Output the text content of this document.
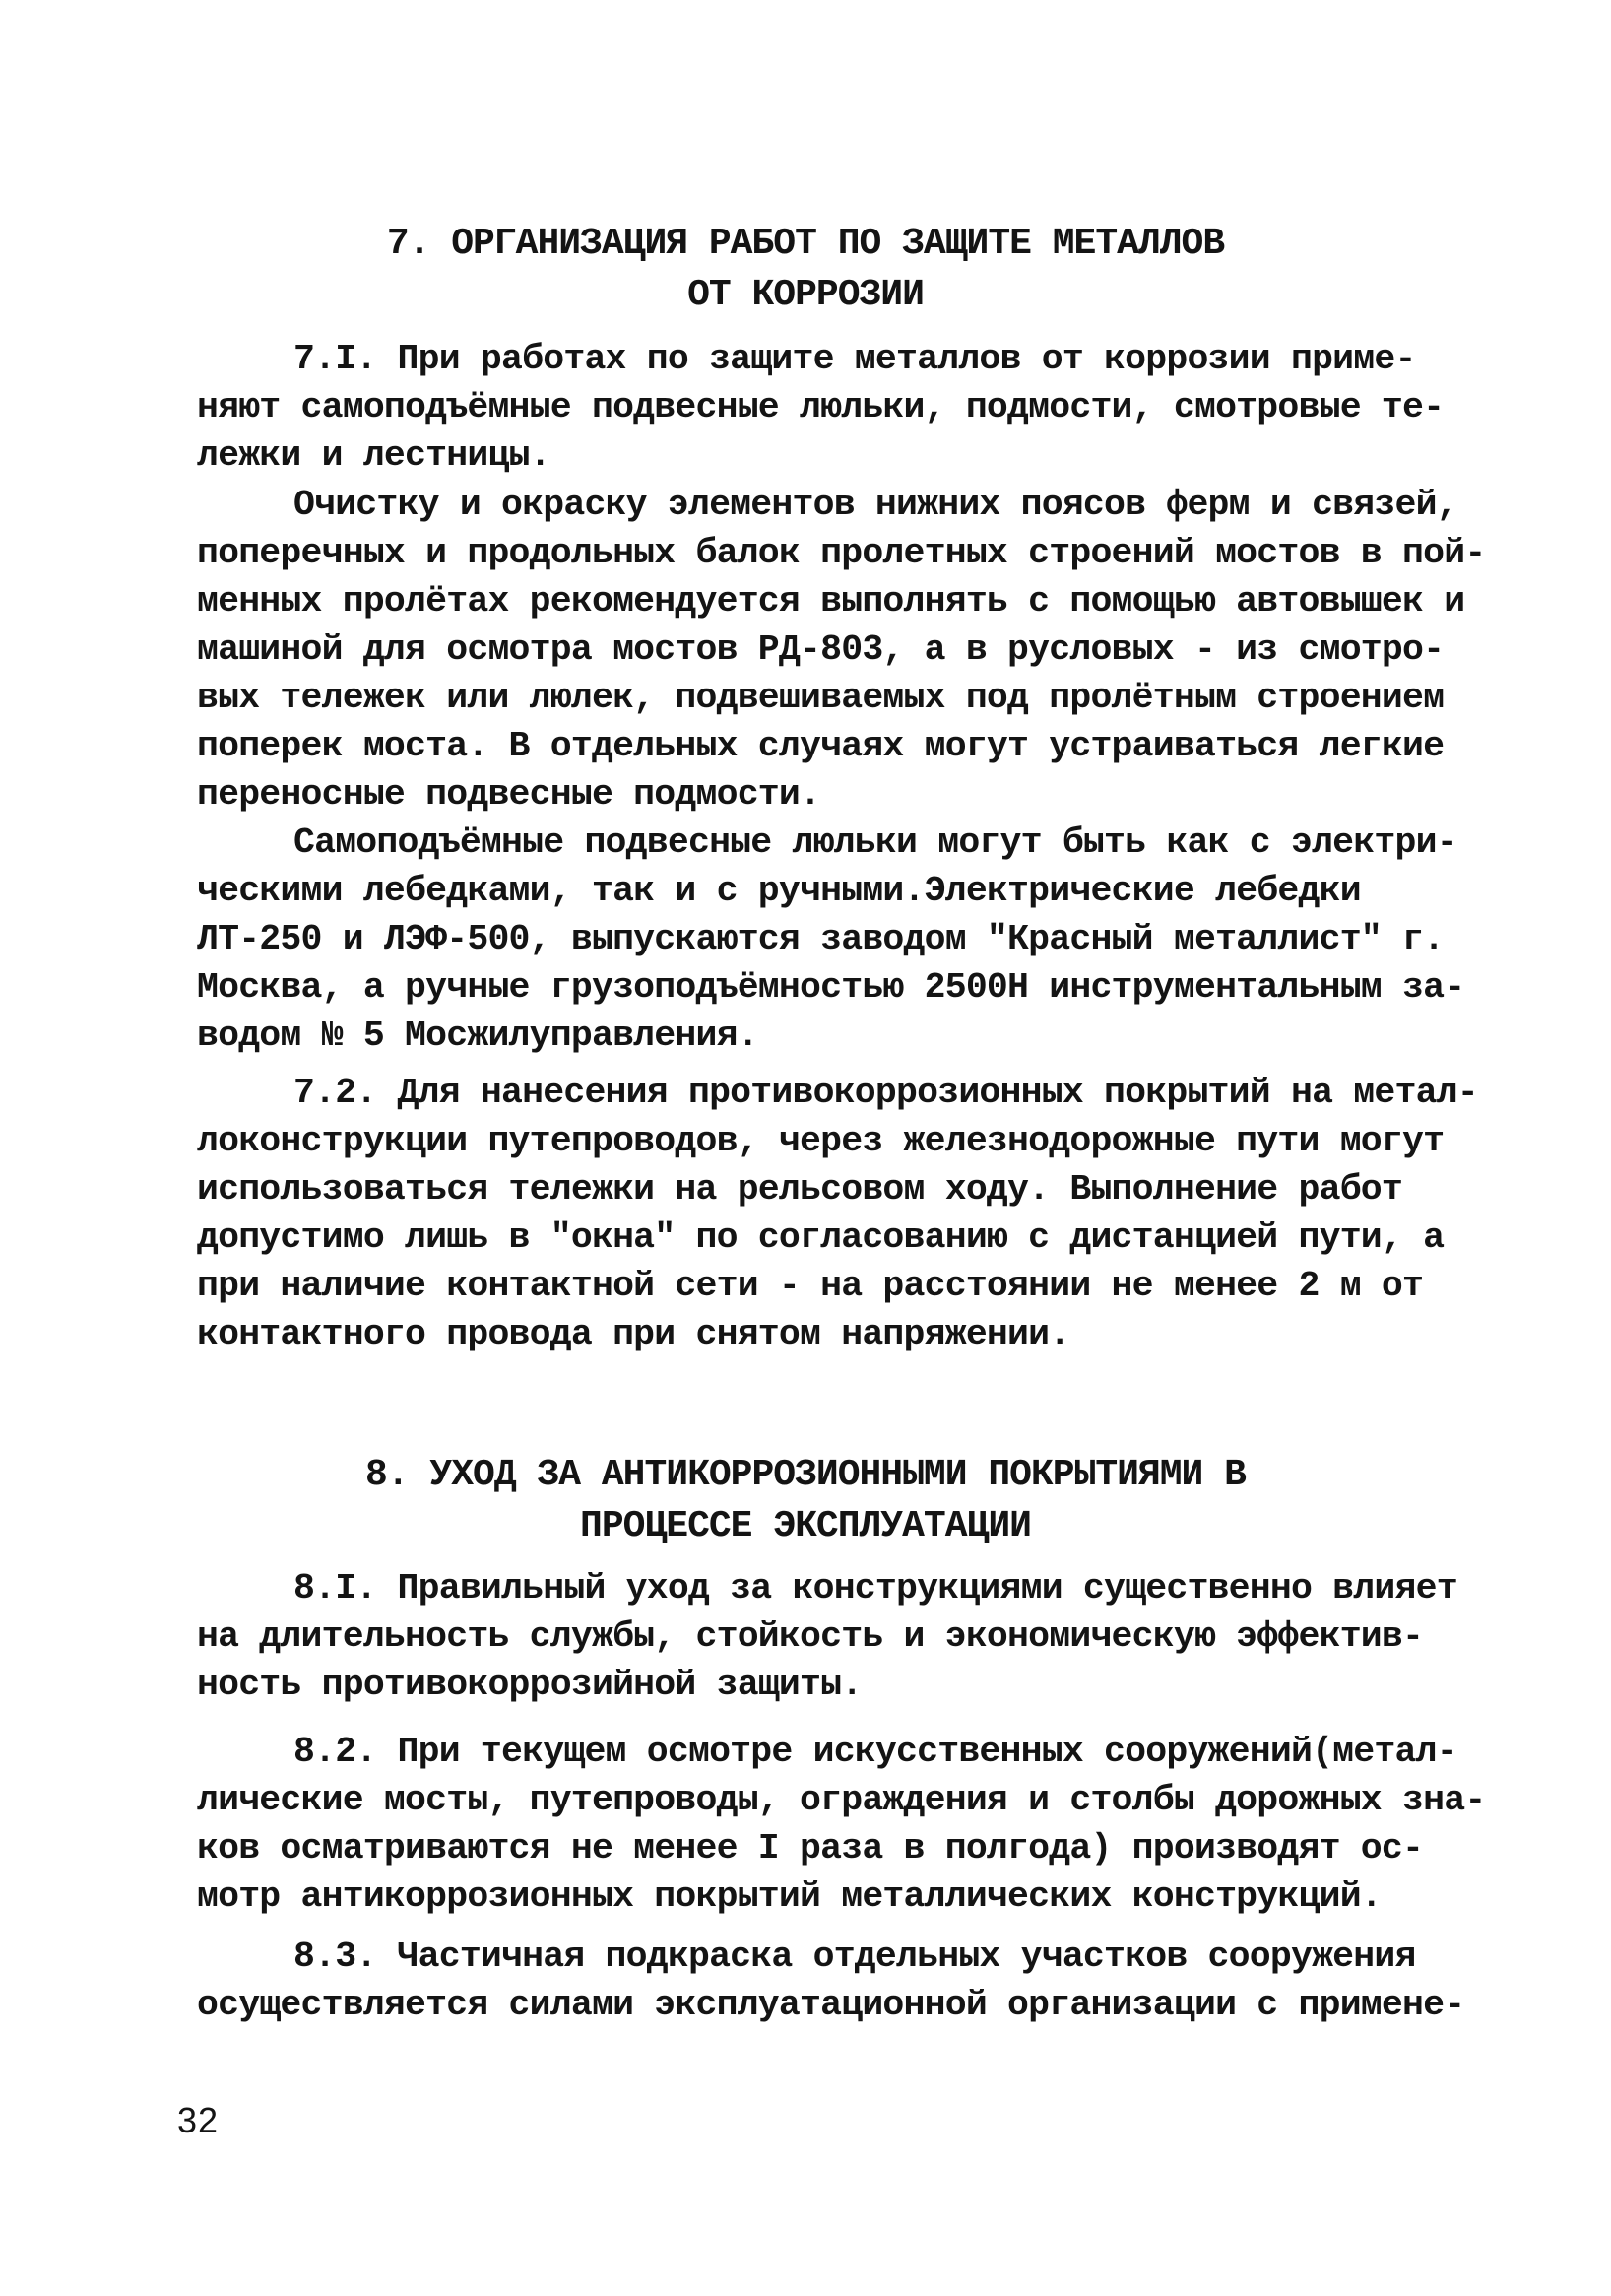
7. ОРГАНИЗАЦИЯ РАБОТ ПО ЗАЩИТЕ МЕТАЛЛОВ
ОТ КОРРОЗИИ
7.I. При работах по защите металлов от коррозии приме-
няют самоподъёмные подвесные люльки, подмости, смотровые те-
лежки и лестницы.
Очистку и окраску элементов нижних поясов ферм и связей,
поперечных и продольных балок пролетных строений мостов в пой-
менных пролётах рекомендуется выполнять с помощью автовышек и
машиной для осмотра мостов РД-803, а в русловых - из смотро-
вых тележек или люлек, подвешиваемых под пролётным строением
поперек моста. В отдельных случаях могут устраиваться легкие
переносные подвесные подмости.
Самоподъёмные подвесные люльки могут быть как с электри-
ческими лебедками, так и с ручными.Электрические лебедки
ЛТ-250 и ЛЭФ-500, выпускаются заводом "Красный металлист" г.
Москва, а ручные грузоподъёмностью 2500Н инструментальным за-
водом № 5 Мосжилуправления.
7.2. Для нанесения противокоррозионных покрытий на метал-
локонструкции путепроводов, через железнодорожные пути могут
использоваться тележки на рельсовом ходу. Выполнение работ
допустимо лишь в "окна" по согласованию с дистанцией пути, а
при наличие контактной сети - на расстоянии не менее 2 м от
контактного провода при снятом напряжении.
8. УХОД ЗА АНТИКОРРОЗИОННЫМИ ПОКРЫТИЯМИ В
ПРОЦЕССЕ ЭКСПЛУАТАЦИИ
8.I. Правильный уход за конструкциями существенно влияет
на длительность службы, стойкость и экономическую эффектив-
ность противокоррозийной защиты.
8.2. При текущем осмотре искусственных сооружений(метал-
лические мосты, путепроводы, ограждения и столбы дорожных зна-
ков осматриваются не менее I раза в полгода) производят ос-
мотр антикоррозионных покрытий металлических конструкций.
8.3. Частичная подкраска отдельных участков сооружения
осуществляется силами эксплуатационной организации с примене-
32
